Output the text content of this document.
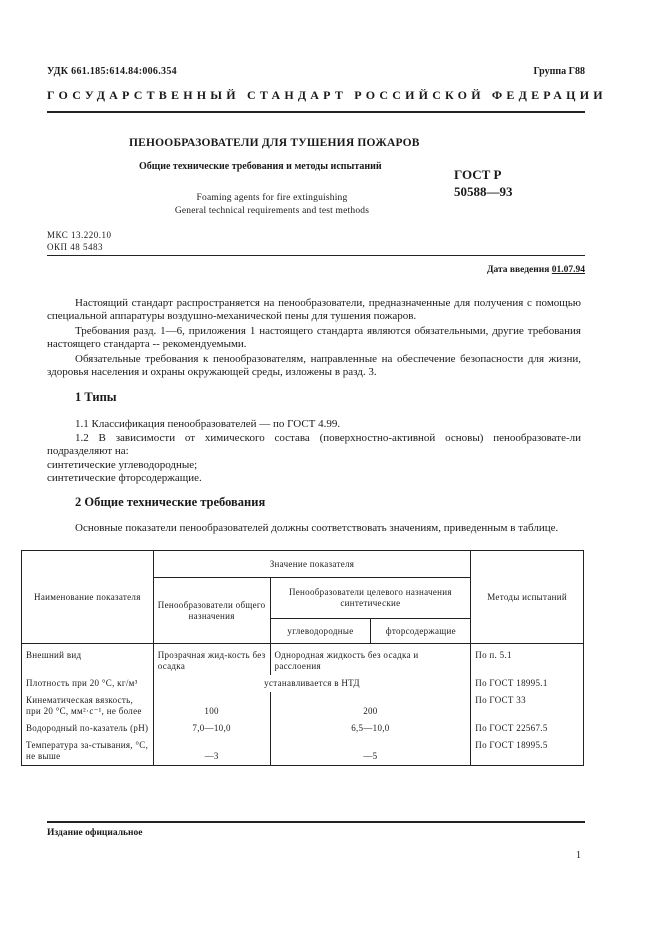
УДК 661.185:614.84:006.354	Группа Г88
ГОСУДАРСТВЕННЫЙ СТАНДАРТ РОССИЙСКОЙ ФЕДЕРАЦИИ
ПЕНООБРАЗОВАТЕЛИ ДЛЯ ТУШЕНИЯ ПОЖАРОВ
Общие технические требования и методы испытаний
ГОСТ Р
50588—93
Foaming agents for fire extinguishing
General technical requirements and test methods
МКС 13.220.10
ОКП 48 5483
Дата введения 01.07.94
Настоящий стандарт распространяется на пенообразователи, предназначенные для получения с помощью специальной аппаратуры воздушно-механической пены для тушения пожаров.
Требования разд. 1—6, приложения 1 настоящего стандарта являются обязательными, другие требования настоящего стандарта -- рекомендуемыми.
Обязательные требования к пенообразователям, направленные на обеспечение безопасности для жизни, здоровья населения и охраны окружающей среды, изложены в разд. 3.
1 Типы
1.1 Классификация пенообразователей — по ГОСТ 4.99.
1.2 В зависимости от химического состава (поверхностно-активной основы) пенообразовате-ли подразделяют на:
синтетические углеводородные;
синтетические фторсодержащие.
2 Общие технические требования
Основные показатели пенообразователей должны соответствовать значениям, приведенным в таблице.
Наименование показателя	Значение показателя			Методы испытаний
	Пенообразователи общего назначения	Пенообразователи целевого назначения синтетические		
		углеводородные	фторсодержащие	
Внешний вид	Прозрачная жид-кость без осадка	Однородная жидкость без осадка и расслоения		По п. 5.1
Плотность при 20 °С, кг/м³	устанавливается в НТД			По ГОСТ 18995.1
Кинематическая вязкость, при 20 °С, мм²·с⁻¹, не более	100	200		По ГОСТ 33
Водородный по-казатель (рН)	7,0—10,0	6,5—10,0		По ГОСТ 22567.5
Температура за-стывания, °С, не выше	—3	—5		По ГОСТ 18995.5
Издание официальное
1
